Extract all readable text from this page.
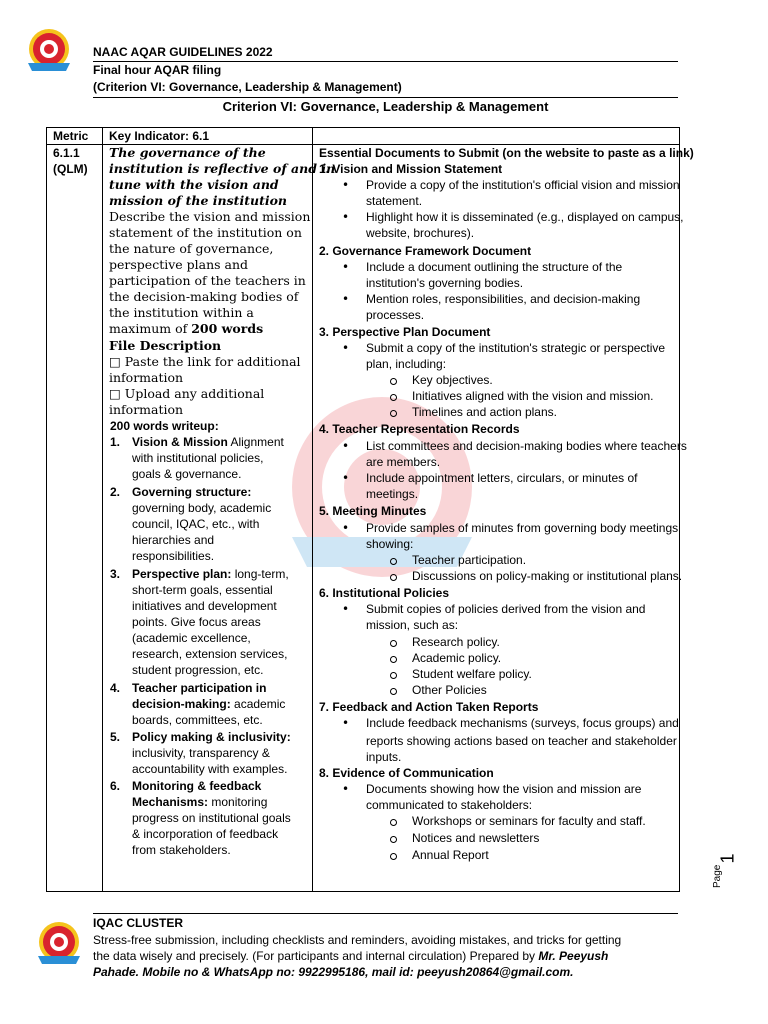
NAAC AQAR GUIDELINES 2022
Final hour AQAR filing
(Criterion VI: Governance, Leadership & Management)
Criterion VI: Governance, Leadership & Management
Metric Key Indicator: 6.1
6.1.1
(QLM)
The governance of the
institution is reflective of and in
tune with the vision and
mission of the institution
Describe the vision and mission
statement of the institution on
the nature of governance,
perspective plans and
participation of the teachers in
the decision-making bodies of
the institution within a
maximum of 200 words
File Description
□ Paste the link for additional
information
□ Upload any additional
information
200 words writeup:
1. Vision & Mission Alignment
with institutional policies,
goals & governance.
2. Governing structure:
governing body, academic
council, IQAC, etc., with
hierarchies and
responsibilities.
3. Perspective plan: long-term,
short-term goals, essential
initiatives and development
points. Give focus areas
(academic excellence,
research, extension services,
student progression, etc.
4. Teacher participation in
decision-making: academic
boards, committees, etc.
5. Policy making & inclusivity:
inclusivity, transparency &
accountability with examples.
6. Monitoring & feedback
Mechanisms: monitoring
progress on institutional goals
& incorporation of feedback
from stakeholders.
Essential Documents to Submit (on the website to paste as a link)
1. Vision and Mission Statement
• Provide a copy of the institution's official vision and mission
statement.
• Highlight how it is disseminated (e.g., displayed on campus,
website, brochures).
2. Governance Framework Document
• Include a document outlining the structure of the
institution's governing bodies.
• Mention roles, responsibilities, and decision-making
processes.
3. Perspective Plan Document
• Submit a copy of the institution's strategic or perspective
plan, including:
Key objectives.
Initiatives aligned with the vision and mission.
Timelines and action plans.
4. Teacher Representation Records
• List committees and decision-making bodies where teachers
are members.
• Include appointment letters, circulars, or minutes of
meetings.
5. Meeting Minutes
• Provide samples of minutes from governing body meetings
showing:
Teacher participation.
Discussions on policy-making or institutional plans.
6. Institutional Policies
• Submit copies of policies derived from the vision and
mission, such as:
Research policy.
Academic policy.
Student welfare policy.
Other Policies
7. Feedback and Action Taken Reports
• Include feedback mechanisms (surveys, focus groups) and
reports showing actions based on teacher and stakeholder
inputs.
8. Evidence of Communication
• Documents showing how the vision and mission are
communicated to stakeholders:
Workshops or seminars for faculty and staff.
Notices and newsletters
Annual Report
Page
1
IQAC CLUSTER
Stress-free submission, including checklists and reminders, avoiding mistakes, and tricks for getting
the data wisely and precisely. (For participants and internal circulation) Prepared by Mr. Peeyush
Pahade. Mobile no & WhatsApp no: 9922995186, mail id: peeyush20864@gmail.com.
